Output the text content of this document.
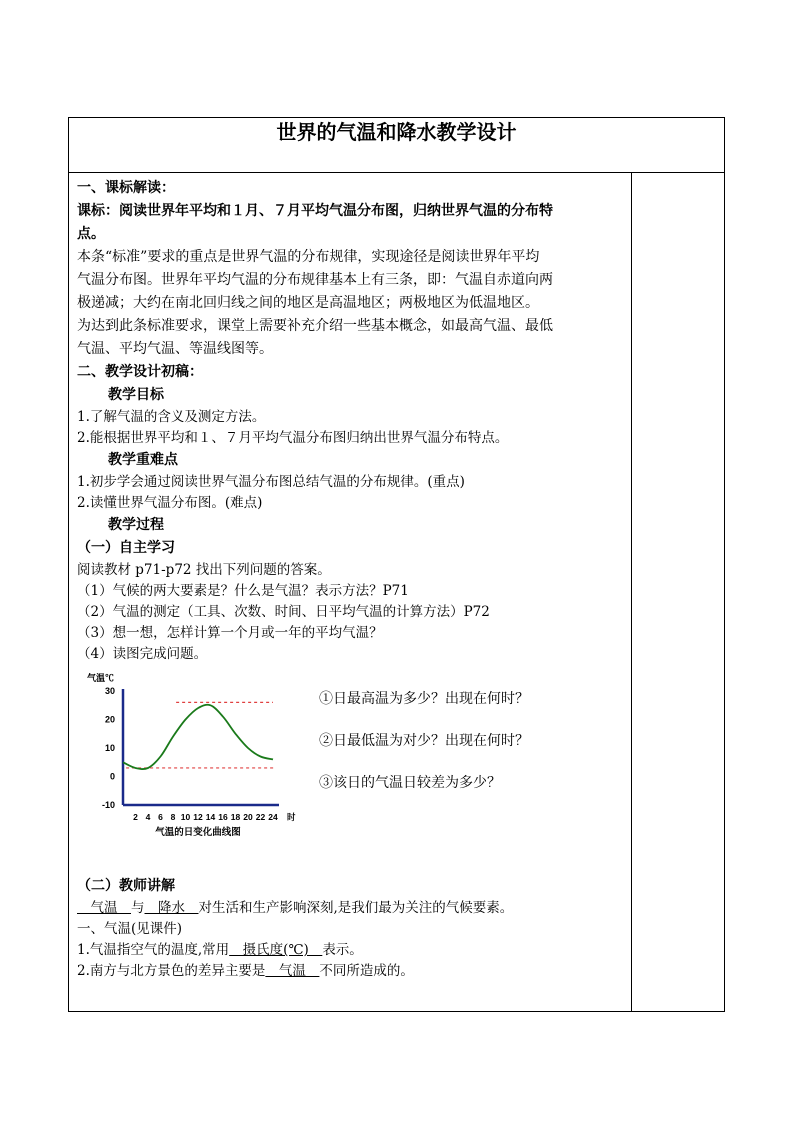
世界的气温和降水教学设计

一、课标解读：

课标：阅读世界年平均和１月、７月平均气温分布图，归纳世界气温的分布特

点。

本条“标准”要求的重点是世界气温的分布规律，实现途径是阅读世界年平均

气温分布图。世界年平均气温的分布规律基本上有三条，即：气温自赤道向两

极递减；大约在南北回归线之间的地区是高温地区；两极地区为低温地区。

为达到此条标准要求，课堂上需要补充介绍一些基本概念，如最高气温、最低

气温、平均气温、等温线图等。

二、教学设计初稿：

教学目标

1.了解气温的含义及测定方法。

2.能根据世界平均和１、７月平均气温分布图归纳出世界气温分布特点。

教学重难点

1.初步学会通过阅读世界气温分布图总结气温的分布规律。(重点)

2.读懂世界气温分布图。(难点)

教学过程

（一）自主学习

阅读教材 p71-p72 找出下列问题的答案。

（1）气候的两大要素是？什么是气温？表示方法？P71

（2）气温的测定（工具、次数、时间、日平均气温的计算方法）P72

（3）想一想，怎样计算一个月或一年的平均气温？

（4）读图完成问题。

气温℃
30
20
10
0
-10
2 4 6 8 10 12 14 16 18 20 22 24 时
气温的日变化曲线图

①日最高温为多少？出现在何时？

②日最低温为对少？出现在何时？

③该日的气温日较差为多少？

（二）教师讲解

　气温　与　降水　对生活和生产影响深刻,是我们最为关注的气候要素。

一、气温(见课件)

1.气温指空气的温度,常用　摄氏度(℃)　表示。

2.南方与北方景色的差异主要是　气温　不同所造成的。
